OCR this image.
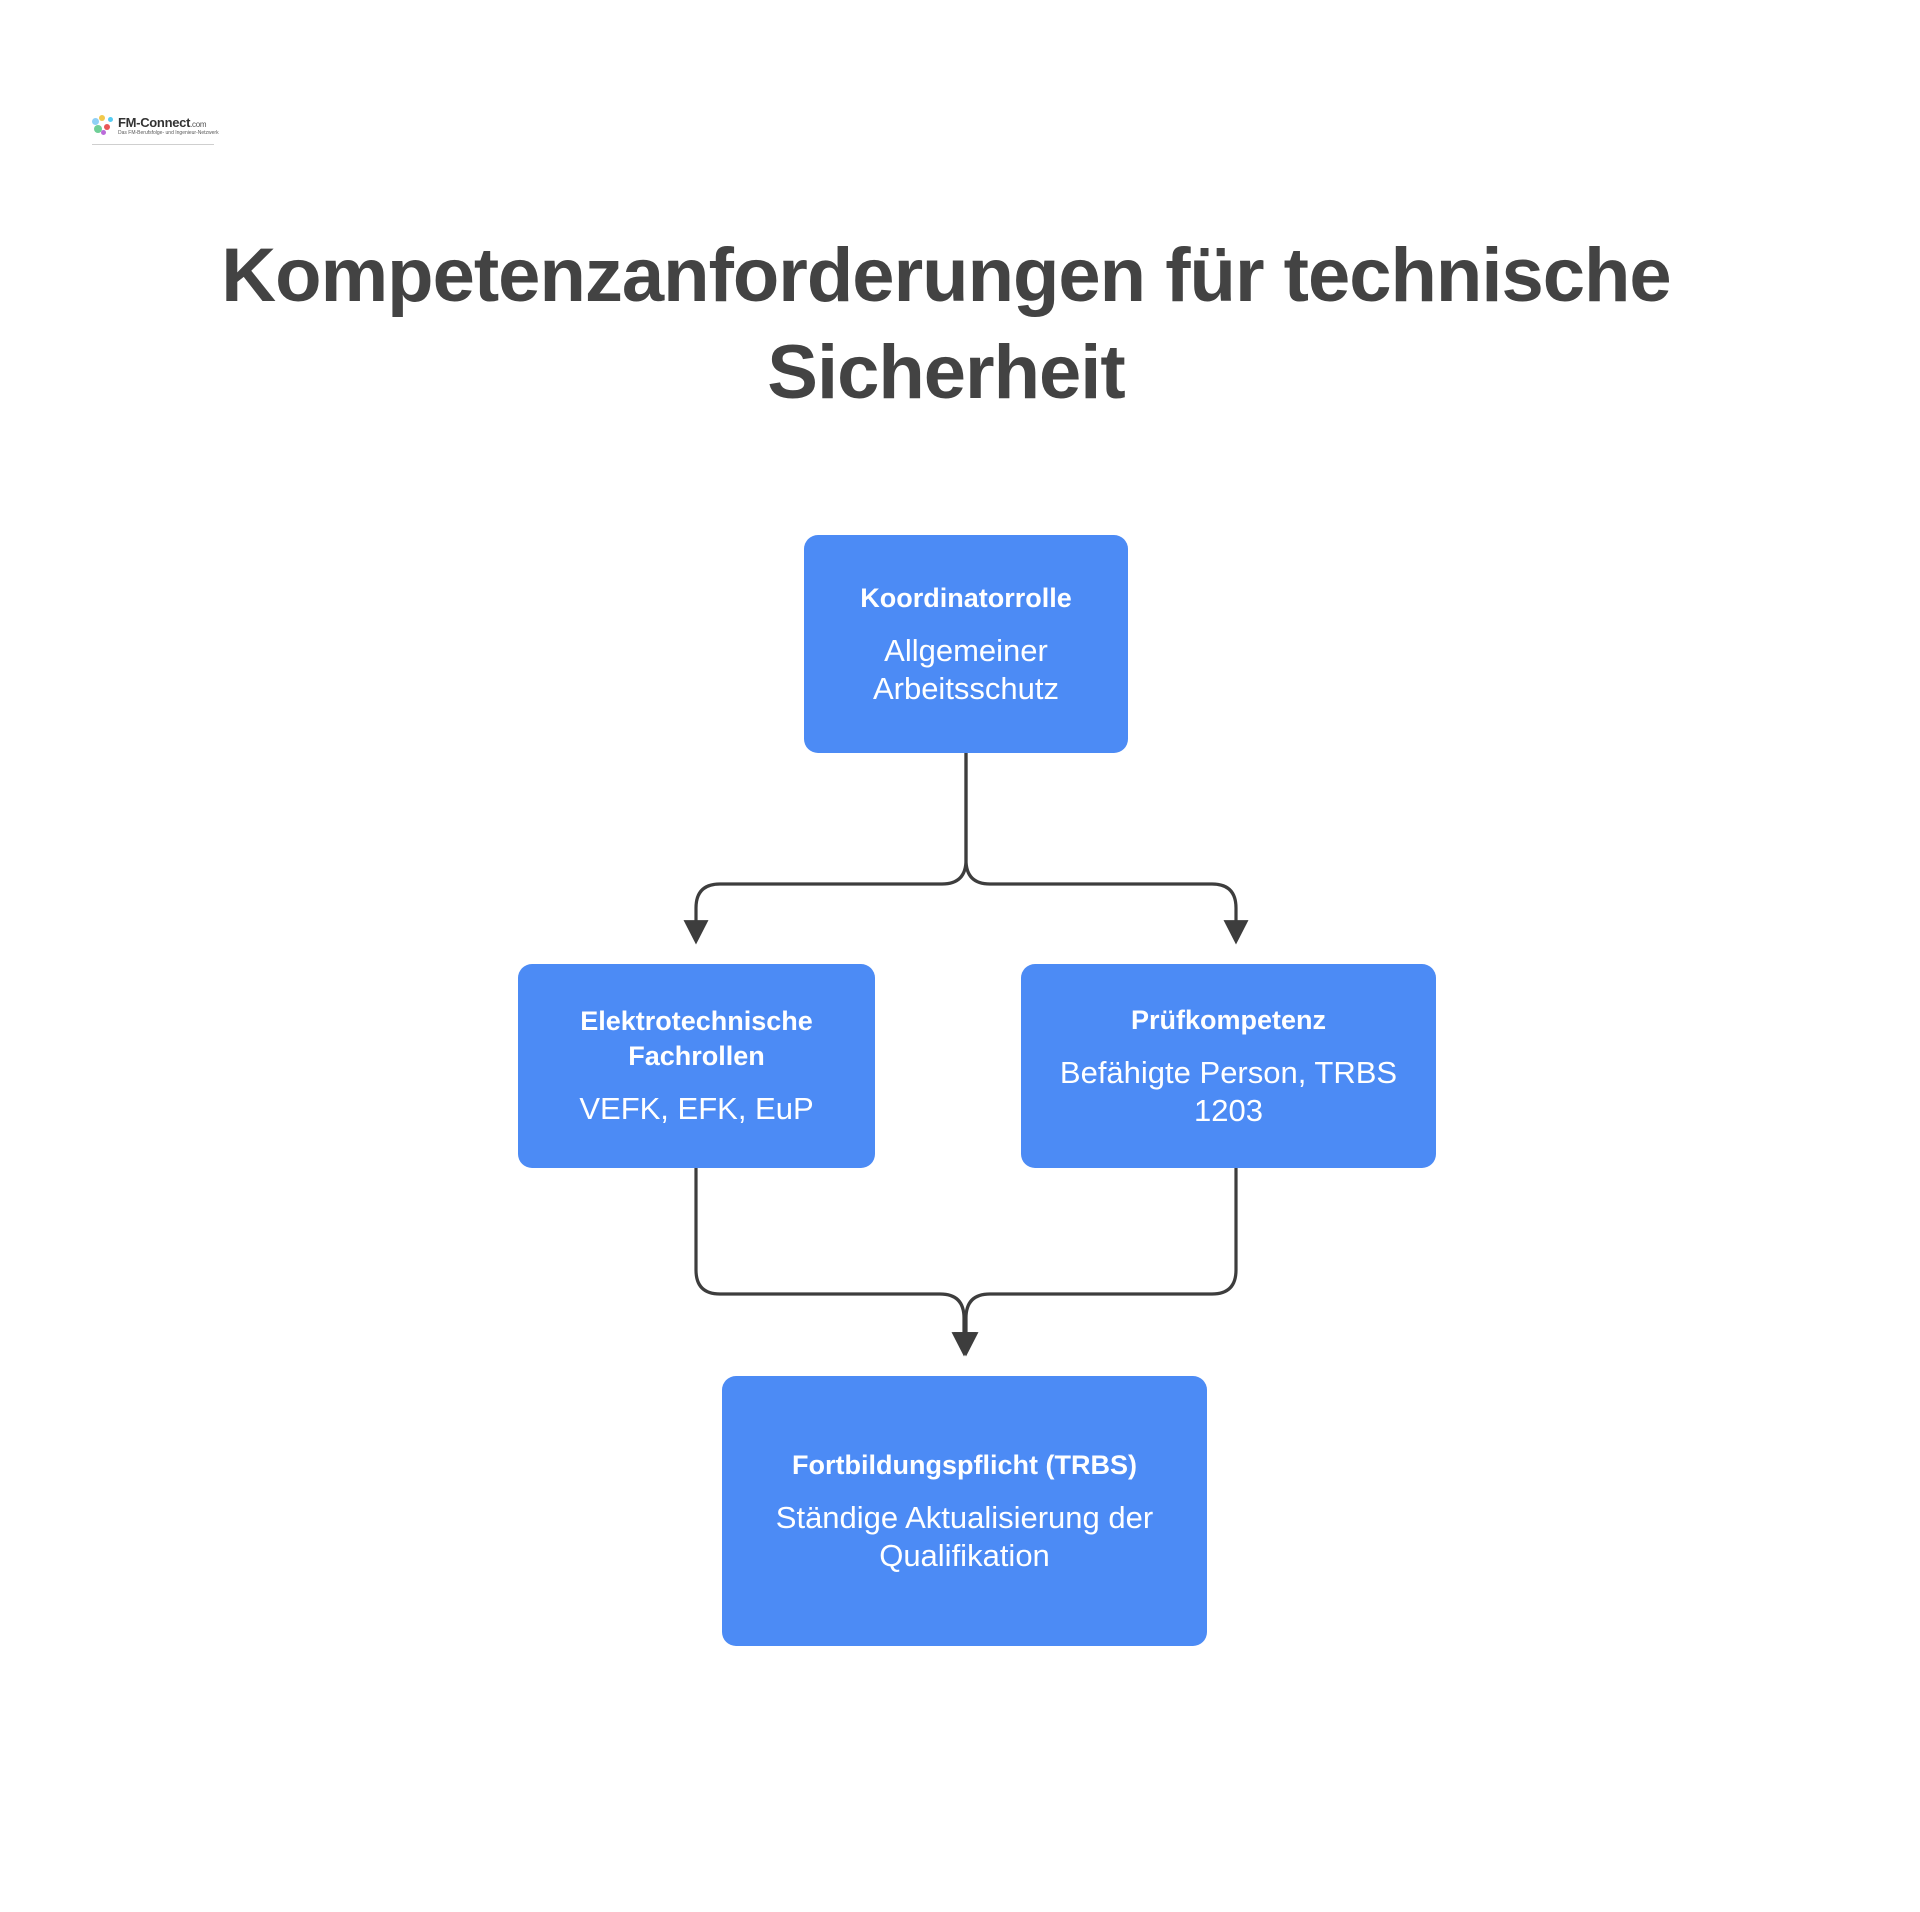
FM-Connect.com
Das FM-Berufsfolge- und Ingenieur-Netzwerk
Kompetenzanforderungen für technische Sicherheit
Koordinatorrolle
Allgemeiner Arbeitsschutz
Elektrotechnische Fachrollen
VEFK, EFK, EuP
Prüfkompetenz
Befähigte Person, TRBS 1203
Fortbildungspflicht (TRBS)
Ständige Aktualisierung der Qualifikation
